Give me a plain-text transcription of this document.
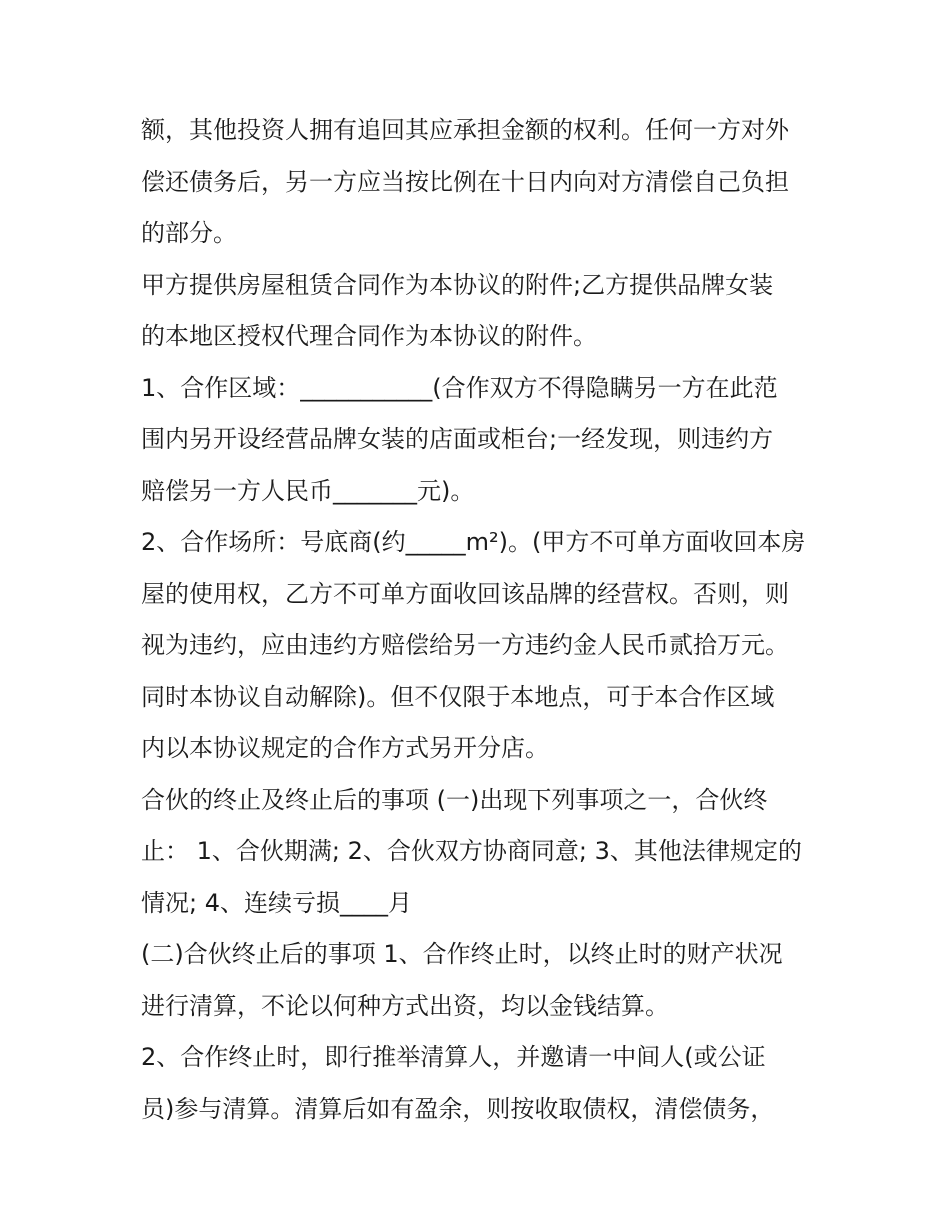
额，其他投资人拥有追回其应承担金额的权利。任何一方对外
偿还债务后，另一方应当按比例在十日内向对方清偿自己负担
的部分。
甲方提供房屋租赁合同作为本协议的附件;乙方提供品牌女装
的本地区授权代理合同作为本协议的附件。
1、合作区域：___________(合作双方不得隐瞒另一方在此范
围内另开设经营品牌女装的店面或柜台;一经发现，则违约方
赔偿另一方人民币_______元)。
2、合作场所：号底商(约_____m²)。(甲方不可单方面收回本房
屋的使用权，乙方不可单方面收回该品牌的经营权。否则，则
视为违约，应由违约方赔偿给另一方违约金人民币贰拾万元。
同时本协议自动解除)。但不仅限于本地点，可于本合作区域
内以本协议规定的合作方式另开分店。
合伙的终止及终止后的事项 (一)出现下列事项之一，合伙终
止： 1、合伙期满; 2、合伙双方协商同意; 3、其他法律规定的
情况; 4、连续亏损____月
(二)合伙终止后的事项 1、合作终止时，以终止时的财产状况
进行清算，不论以何种方式出资，均以金钱结算。
2、合作终止时，即行推举清算人，并邀请一中间人(或公证
员)参与清算。清算后如有盈余，则按收取债权，清偿债务，
